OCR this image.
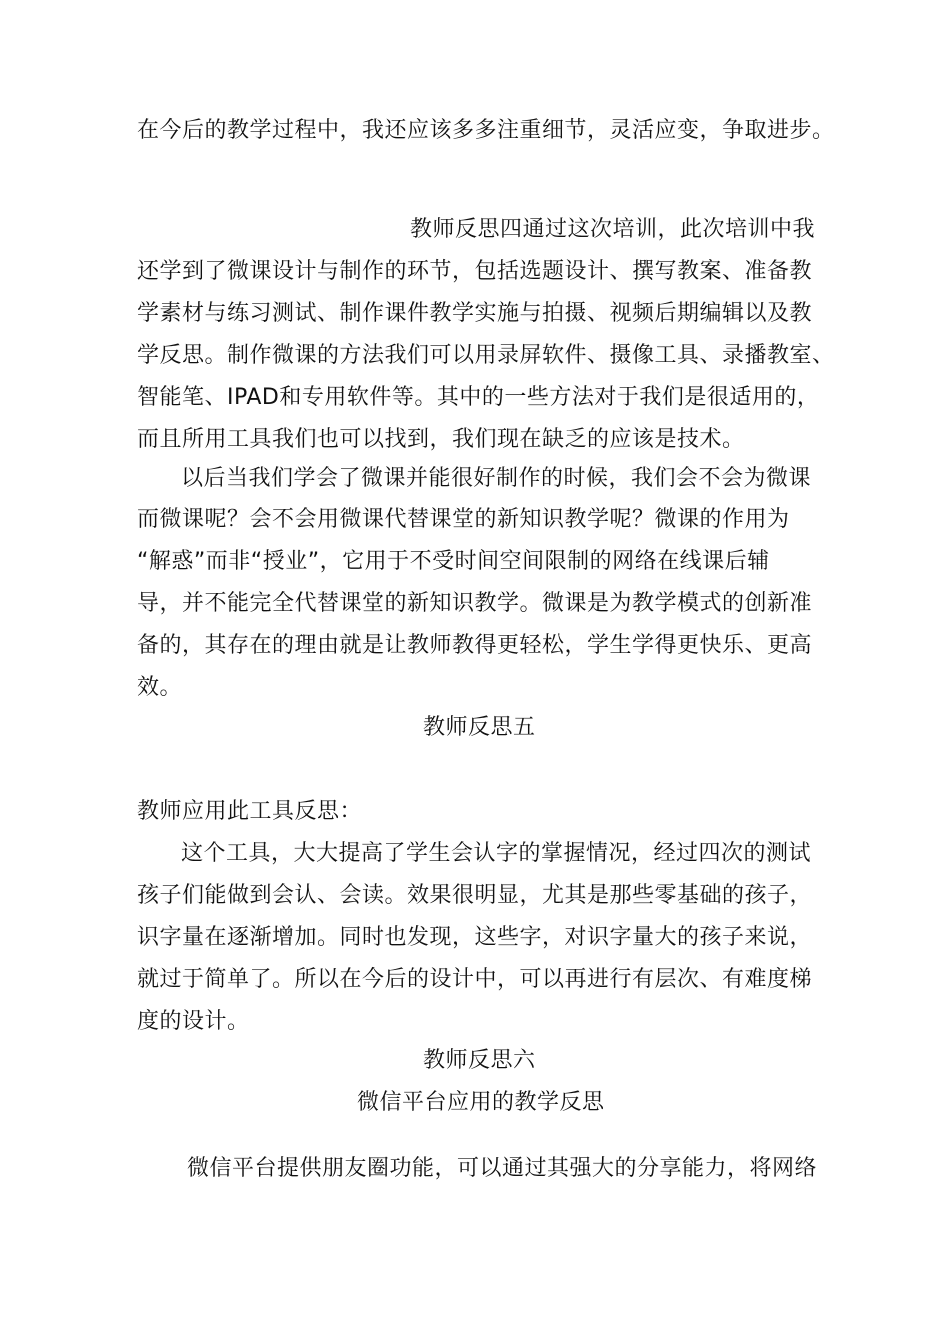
在今后的教学过程中，我还应该多多注重细节，灵活应变，争取进步。
教师反思四通过这次培训，此次培训中我
还学到了微课设计与制作的环节，包括选题设计、撰写教案、准备教
学素材与练习测试、制作课件教学实施与拍摄、视频后期编辑以及教
学反思。制作微课的方法我们可以用录屏软件、摄像工具、录播教室、
智能笔、IPAD和专用软件等。其中的一些方法对于我们是很适用的，
而且所用工具我们也可以找到，我们现在缺乏的应该是技术。
以后当我们学会了微课并能很好制作的时候，我们会不会为微课
而微课呢？会不会用微课代替课堂的新知识教学呢？微课的作用为
“解惑”而非“授业”，它用于不受时间空间限制的网络在线课后辅
导，并不能完全代替课堂的新知识教学。微课是为教学模式的创新准
备的，其存在的理由就是让教师教得更轻松，学生学得更快乐、更高
效。
教师反思五
教师应用此工具反思：
这个工具，大大提高了学生会认字的掌握情况，经过四次的测试
孩子们能做到会认、会读。效果很明显，尤其是那些零基础的孩子，
识字量在逐渐增加。同时也发现，这些字，对识字量大的孩子来说，
就过于简单了。所以在今后的设计中，可以再进行有层次、有难度梯
度的设计。
教师反思六
微信平台应用的教学反思
微信平台提供朋友圈功能，可以通过其强大的分享能力，将网络
